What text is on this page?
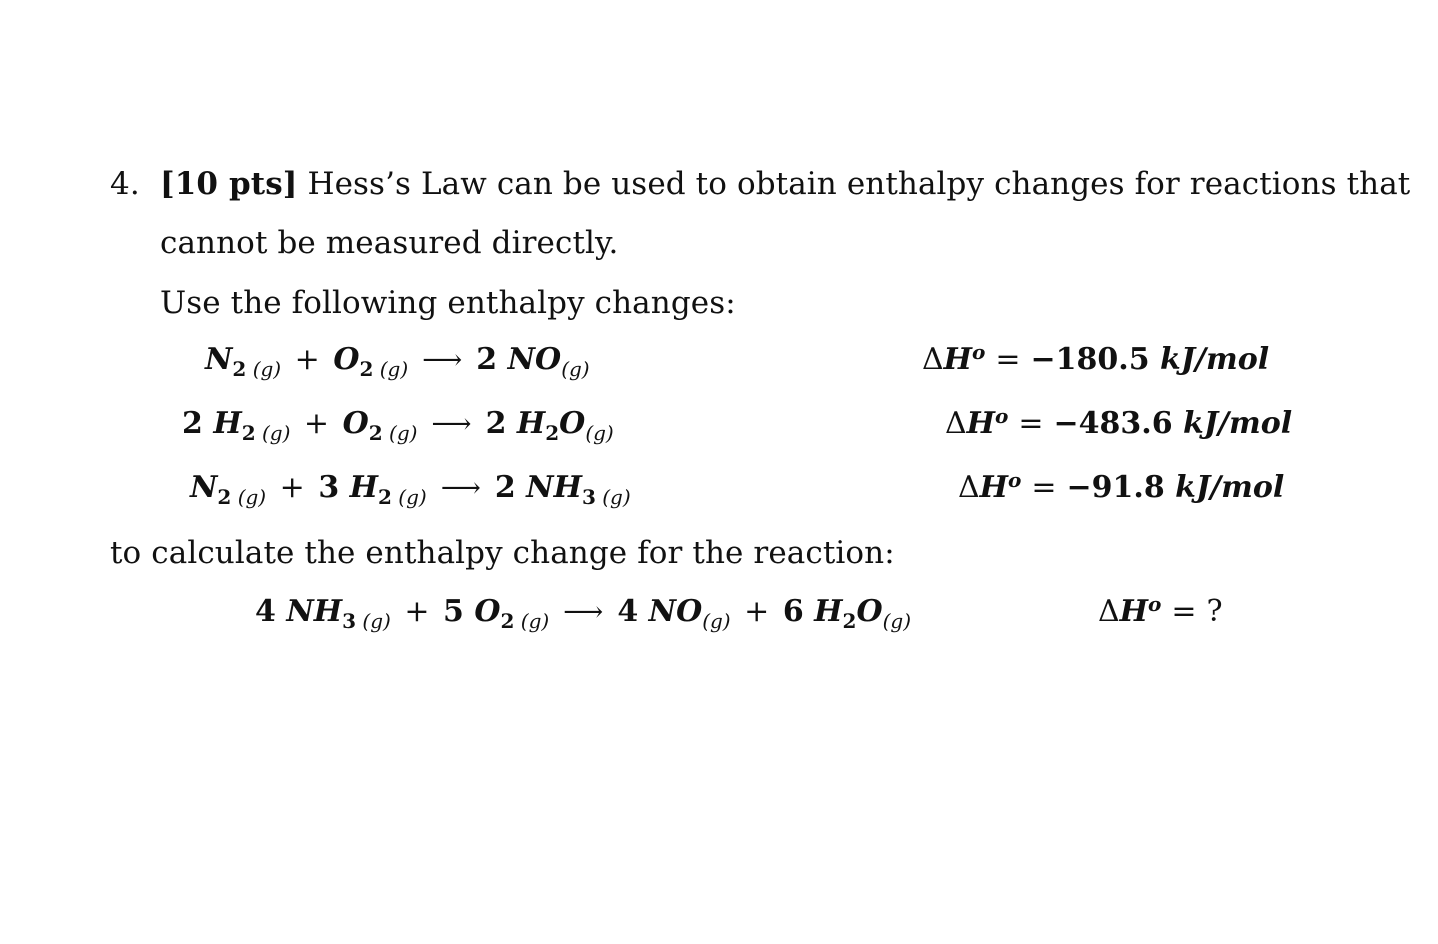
4. [10 pts] Hess’s Law can be used to obtain enthalpy changes for reactions that
cannot be measured directly.
Use the following enthalpy changes:
$N_2$ $_{(g)} + O_2$ $_{(g)}$ ⟶ 2 $NO_{(g)}$	$\Delta H^o = -180.5$ kJ/mol
2 $H_2$ $_{(g)} + O_2$ $_{(g)}$ ⟶ 2 $H_2O_{(g)}$	$\Delta H^o = -483.6$ kJ/mol
$N_2$ $_{(g)}$ + 3 $H_2$ $_{(g)}$ ⟶ 2 $NH_3$ $_{(g)}$	$\Delta H^o = -91.8$ kJ/mol
to calculate the enthalpy change for the reaction:
4 $NH_3$ $_{(g)}$ + 5 $O_2$ $_{(g)}$ ⟶ 4 $NO_{(g)} + 6$ $H_2O_{(g)}$	$\Delta H^o$ = ?
